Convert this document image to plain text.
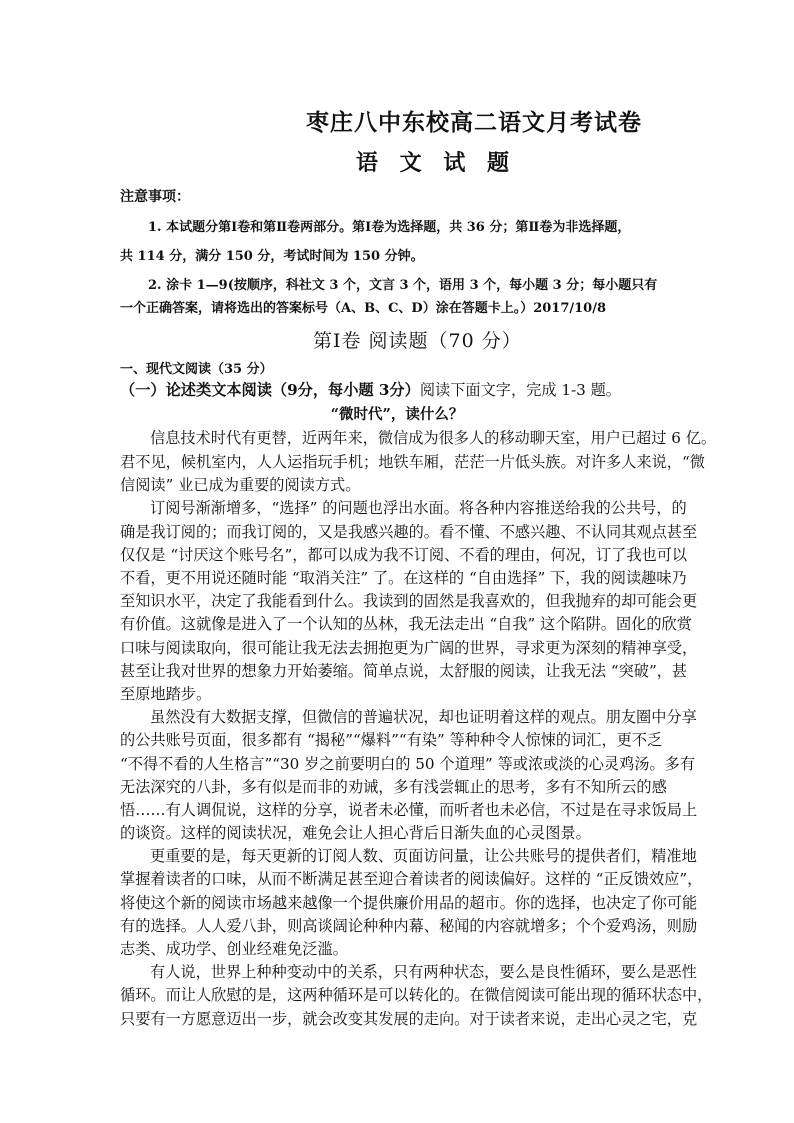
枣庄八中东校高二语文月考试卷
语 文 试 题
注意事项：
1. 本试题分第Ⅰ卷和第Ⅱ卷两部分。第Ⅰ卷为选择题，共 36 分；第Ⅱ卷为非选择题，
共 114 分，满分 150 分，考试时间为 150 分钟。
2. 涂卡 1—9(按顺序，科社文 3 个，文言 3 个，语用 3 个，每小题 3 分；每小题只有
一个正确答案，请将选出的答案标号（A、B、C、D）涂在答题卡上。）2017/10/8
第Ⅰ卷 阅读题（70 分）
一、现代文阅读（35 分）
（一）论述类文本阅读（9分，每小题 3分）阅读下面文字，完成 1-3 题。
“微时代”，读什么？
信息技术时代有更替，近两年来，微信成为很多人的移动聊天室，用户已超过 6 亿。
君不见，候机室内，人人运指玩手机；地铁车厢，茫茫一片低头族。对许多人来说，“微
信阅读” 业已成为重要的阅读方式。
订阅号渐渐增多，“选择” 的问题也浮出水面。将各种内容推送给我的公共号，的
确是我订阅的；而我订阅的，又是我感兴趣的。看不懂、不感兴趣、不认同其观点甚至
仅仅是 “讨厌这个账号名”，都可以成为我不订阅、不看的理由，何况，订了我也可以
不看，更不用说还随时能 “取消关注” 了。在这样的 “自由选择” 下，我的阅读趣味乃
至知识水平，决定了我能看到什么。我读到的固然是我喜欢的，但我抛弃的却可能会更
有价值。这就像是进入了一个认知的丛林，我无法走出 “自我” 这个陷阱。固化的欣赏
口味与阅读取向，很可能让我无法去拥抱更为广阔的世界，寻求更为深刻的精神享受，
甚至让我对世界的想象力开始萎缩。简单点说，太舒服的阅读，让我无法 “突破”，甚
至原地踏步。
虽然没有大数据支撑，但微信的普遍状况，却也证明着这样的观点。朋友圈中分享
的公共账号页面，很多都有 “揭秘”“爆料”“有染” 等种种令人惊悚的词汇，更不乏
“不得不看的人生格言”“30 岁之前要明白的 50 个道理” 等或浓或淡的心灵鸡汤。多有
无法深究的八卦，多有似是而非的劝诫，多有浅尝辄止的思考，多有不知所云的感
悟……有人调侃说，这样的分享，说者未必懂，而听者也未必信，不过是在寻求饭局上
的谈资。这样的阅读状况，难免会让人担心背后日渐失血的心灵图景。
更重要的是，每天更新的订阅人数、页面访问量，让公共账号的提供者们，精准地
掌握着读者的口味，从而不断满足甚至迎合着读者的阅读偏好。这样的 “正反馈效应”，
将使这个新的阅读市场越来越像一个提供廉价用品的超市。你的选择，也决定了你可能
有的选择。人人爱八卦，则高谈阔论种种内幕、秘闻的内容就增多；个个爱鸡汤，则励
志类、成功学、创业经难免泛滥。
有人说，世界上种种变动中的关系，只有两种状态，要么是良性循环，要么是恶性
循环。而让人欣慰的是，这两种循环是可以转化的。在微信阅读可能出现的循环状态中，
只要有一方愿意迈出一步，就会改变其发展的走向。对于读者来说，走出心灵之宅，克
